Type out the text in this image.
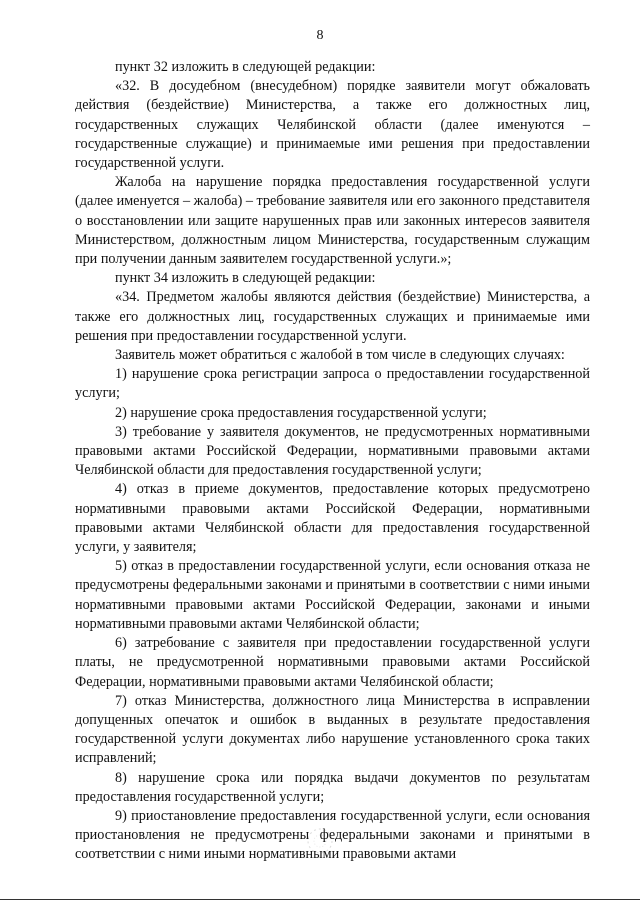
8

пункт 32 изложить в следующей редакции:

«32. В досудебном (внесудебном) порядке заявители могут обжаловать действия (бездействие) Министерства, а также его должностных лиц, государственных служащих Челябинской области (далее именуются – государственные служащие) и принимаемые ими решения при предоставлении государственной услуги.

Жалоба на нарушение порядка предоставления государственной услуги (далее именуется – жалоба) – требование заявителя или его законного представителя о восстановлении или защите нарушенных прав или законных интересов заявителя Министерством, должностным лицом Министерства, государственным служащим при получении данным заявителем государственной услуги.»;

пункт 34 изложить в следующей редакции:

«34. Предметом жалобы являются действия (бездействие) Министерства, а также его должностных лиц, государственных служащих и принимаемые ими решения при предоставлении государственной услуги.

Заявитель может обратиться с жалобой в том числе в следующих случаях:

1) нарушение срока регистрации запроса о предоставлении государственной услуги;

2) нарушение срока предоставления государственной услуги;

3) требование у заявителя документов, не предусмотренных нормативными правовыми актами Российской Федерации, нормативными правовыми актами Челябинской области для предоставления государственной услуги;

4) отказ в приеме документов, предоставление которых предусмотрено нормативными правовыми актами Российской Федерации, нормативными правовыми актами Челябинской области для предоставления государственной услуги, у заявителя;

5) отказ в предоставлении государственной услуги, если основания отказа не предусмотрены федеральными законами и принятыми в соответствии с ними иными нормативными правовыми актами Российской Федерации, законами и иными нормативными правовыми актами Челябинской области;

6) затребование с заявителя при предоставлении государственной услуги платы, не предусмотренной нормативными правовыми актами Российской Федерации, нормативными правовыми актами Челябинской области;

7) отказ Министерства, должностного лица Министерства в исправлении допущенных опечаток и ошибок в выданных в результате предоставления государственной услуги документах либо нарушение установленного срока таких исправлений;

8) нарушение срока или порядка выдачи документов по результатам предоставления государственной услуги;

9) приостановление предоставления государственной услуги, если основания приостановления не предусмотрены федеральными законами и принятыми в соответствии с ними иными нормативными правовыми актами
